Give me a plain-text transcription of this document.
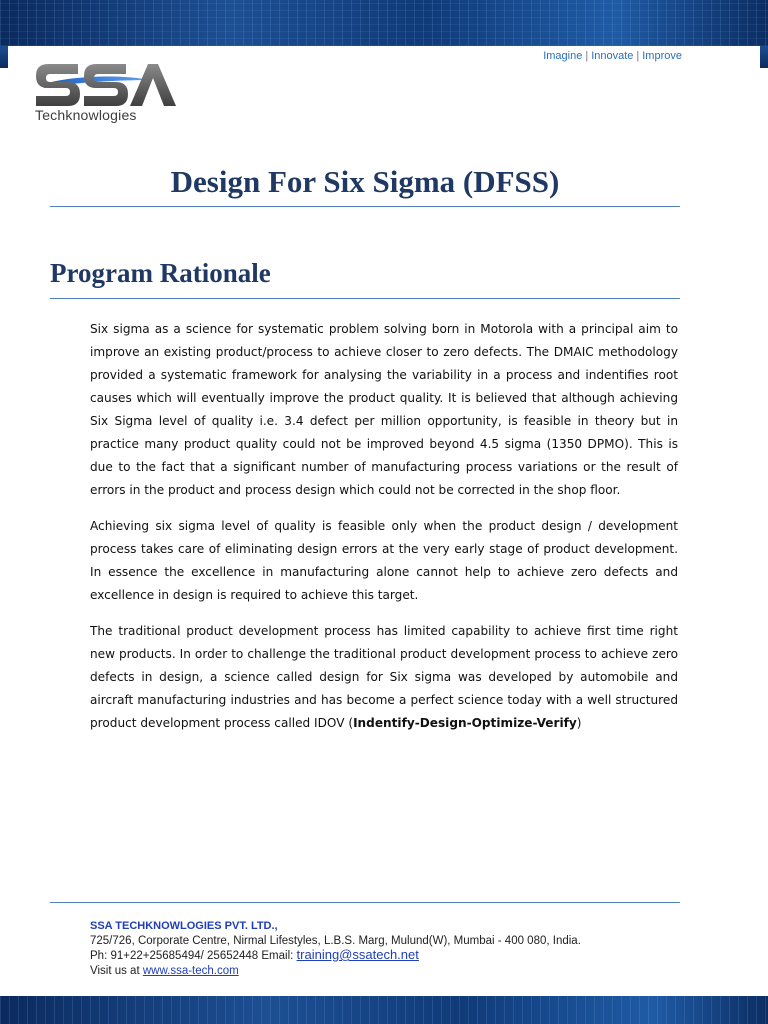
Imagine | Innovate | Improve
Techknowlogies
Design For Six Sigma (DFSS)
Program Rationale

Six sigma as a science for systematic problem solving born in Motorola with a principal aim to improve an existing product/process to achieve closer to zero defects. The DMAIC methodology provided a systematic framework for analysing the variability in a process and indentifies root causes which will eventually improve the product quality. It is believed that although achieving Six Sigma level of quality i.e. 3.4 defect per million opportunity, is feasible in theory but in practice many product quality could not be improved beyond 4.5 sigma (1350 DPMO). This is due to the fact that a significant number of manufacturing process variations or the result of errors in the product and process design which could not be corrected in the shop floor.

Achieving six sigma level of quality is feasible only when the product design / development process takes care of eliminating design errors at the very early stage of product development. In essence the excellence in manufacturing alone cannot help to achieve zero defects and excellence in design is required to achieve this target.

The traditional product development process has limited capability to achieve first time right new products. In order to challenge the traditional product development process to achieve zero defects in design, a science called design for Six sigma was developed by automobile and aircraft manufacturing industries and has become a perfect science today with a well structured product development process called IDOV (Indentify-Design-Optimize-Verify)

SSA TECHKNOWLOGIES PVT. LTD.,
725/726, Corporate Centre, Nirmal Lifestyles, L.B.S. Marg, Mulund(W), Mumbai - 400 080, India.
Ph: 91+22+25685494/ 25652448 Email: training@ssatech.net
Visit us at www.ssa-tech.com
